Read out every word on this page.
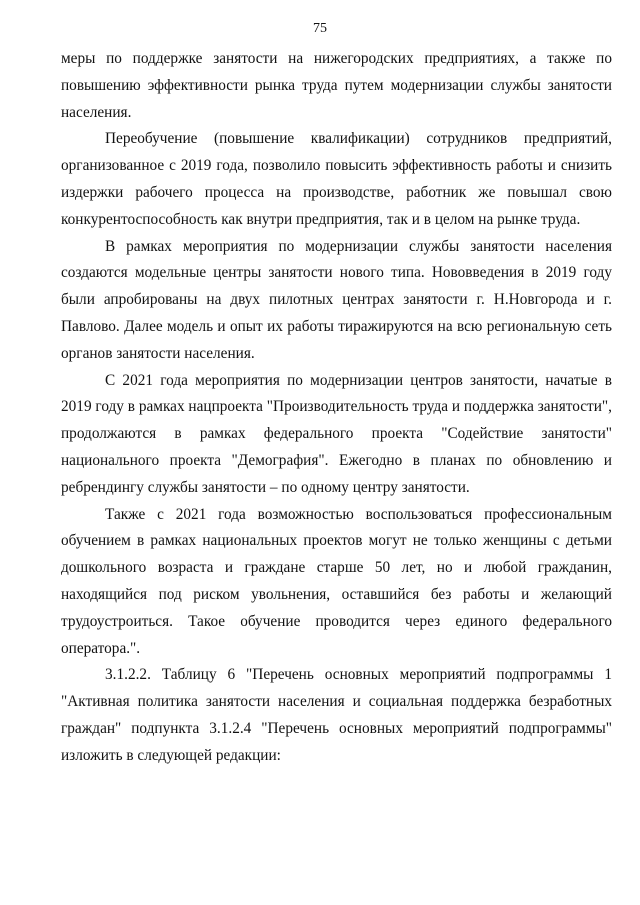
75

меры по поддержке занятости на нижегородских предприятиях, а также по повышению эффективности рынка труда путем модернизации службы занятости населения.

Переобучение (повышение квалификации) сотрудников предприятий, организованное с 2019 года, позволило повысить эффективность работы и снизить издержки рабочего процесса на производстве, работник же повышал свою конкурентоспособность как внутри предприятия, так и в целом на рынке труда.

В рамках мероприятия по модернизации службы занятости населения создаются модельные центры занятости нового типа. Нововведения в 2019 году были апробированы на двух пилотных центрах занятости г. Н.Новгорода и г. Павлово. Далее модель и опыт их работы тиражируются на всю региональную сеть органов занятости населения.

С 2021 года мероприятия по модернизации центров занятости, начатые в 2019 году в рамках нацпроекта "Производительность труда и поддержка занятости", продолжаются в рамках федерального проекта "Содействие занятости" национального проекта "Демография". Ежегодно в планах по обновлению и ребрендингу службы занятости – по одному центру занятости.

Также с 2021 года возможностью воспользоваться профессиональным обучением в рамках национальных проектов могут не только женщины с детьми дошкольного возраста и граждане старше 50 лет, но и любой гражданин, находящийся под риском увольнения, оставшийся без работы и желающий трудоустроиться. Такое обучение проводится через единого федерального оператора.".

3.1.2.2. Таблицу 6 "Перечень основных мероприятий подпрограммы 1 "Активная политика занятости населения и социальная поддержка безработных граждан" подпункта 3.1.2.4 "Перечень основных мероприятий подпрограммы" изложить в следующей редакции:
